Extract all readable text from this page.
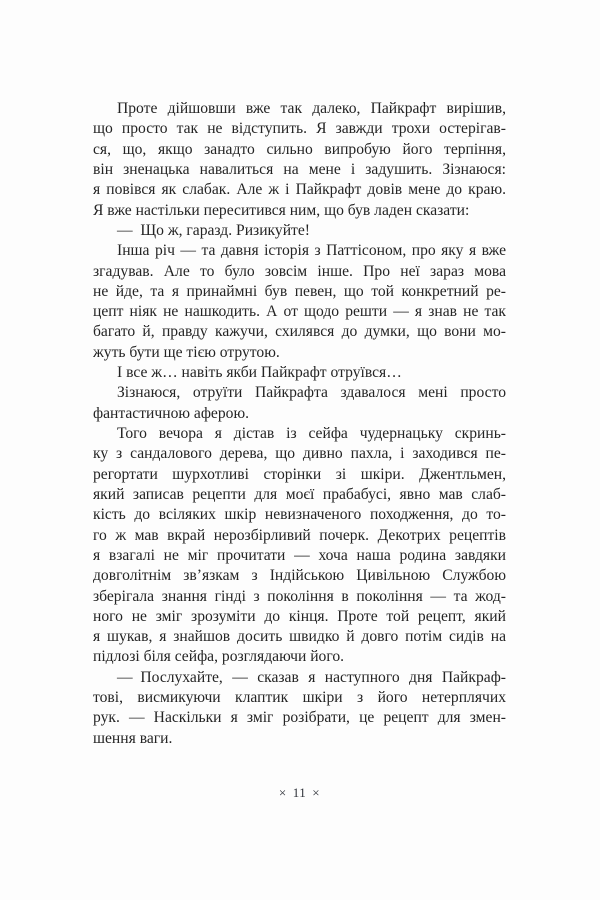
Проте дійшовши вже так далеко, Пайкрафт вирішив,
що просто так не відступить. Я завжди трохи остерігав-
ся, що, якщо занадто сильно випробую його терпіння,
він зненацька навалиться на мене і задушить. Зізнаюся:
я повівся як слабак. Але ж і Пайкрафт довів мене до краю.
Я вже настільки переситився ним, що був ладен сказати:
— Що ж, гаразд. Ризикуйте!
Інша річ — та давня історія з Паттісоном, про яку я вже
згадував. Але то було зовсім інше. Про неї зараз мова
не йде, та я принаймні був певен, що той конкретний ре-
цепт ніяк не нашкодить. А от щодо решти — я знав не так
багато й, правду кажучи, схилявся до думки, що вони мо-
жуть бути ще тією отрутою.
І все ж… навіть якби Пайкрафт отруївся…
Зізнаюся, отруїти Пайкрафта здавалося мені просто
фантастичною аферою.
Того вечора я дістав із сейфа чудернацьку скринь-
ку з сандалового дерева, що дивно пахла, і заходився пе-
регортати шурхотливі сторінки зі шкіри. Джентльмен,
який записав рецепти для моєї прабабусі, явно мав слаб-
кість до всіляких шкір невизначеного походження, до то-
го ж мав вкрай нерозбірливий почерк. Декотрих рецептів
я взагалі не міг прочитати — хоча наша родина завдяки
довголітнім зв’язкам з Індійською Цивільною Службою
зберігала знання гінді з покоління в покоління — та жод-
ного не зміг зрозуміти до кінця. Проте той рецепт, який
я шукав, я знайшов досить швидко й довго потім сидів на
підлозі біля сейфа, розглядаючи його.
— Послухайте, — сказав я наступного дня Пайкраф-
тові, висмикуючи клаптик шкіри з його нетерплячих
рук. — Наскільки я зміг розібрати, це рецепт для змен-
шення ваги.
× 11 ×
